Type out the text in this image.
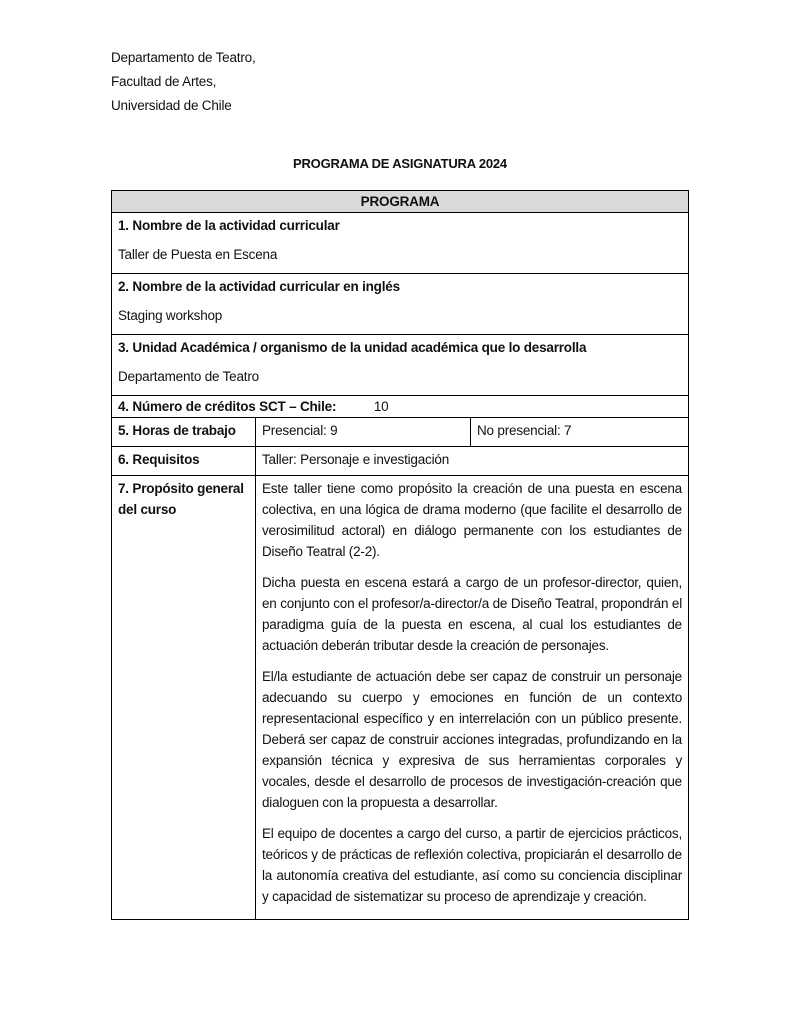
Departamento de Teatro,
Facultad de Artes,
Universidad de Chile
PROGRAMA DE ASIGNATURA 2024
PROGRAMA		
1. Nombre de la actividad curricular
Taller de Puesta en Escena		

2. Nombre de la actividad curricular en inglés
Staging workshop		

3. Unidad Académica / organismo de la unidad académica que lo desarrolla
Departamento de Teatro		

4. Número de créditos SCT – Chile: 10		
5. Horas de trabajo	Presencial: 9	No presencial: 7
6. Requisitos	Taller: Personaje e investigación	
7. Propósito general del curso	Este taller tiene como propósito la creación de una puesta en escena colectiva, en una lógica de drama moderno (que facilite el desarrollo de verosimilitud actoral) en diálogo permanente con los estudiantes de Diseño Teatral (2-2).

Dicha puesta en escena estará a cargo de un profesor-director, quien, en conjunto con el profesor/a-director/a de Diseño Teatral, propondrán el paradigma guía de la puesta en escena, al cual los estudiantes de actuación deberán tributar desde la creación de personajes.

El/la estudiante de actuación debe ser capaz de construir un personaje adecuando su cuerpo y emociones en función de un contexto representacional específico y en interrelación con un público presente. Deberá ser capaz de construir acciones integradas, profundizando en la expansión técnica y expresiva de sus herramientas corporales y vocales, desde el desarrollo de procesos de investigación-creación que dialoguen con la propuesta a desarrollar.

El equipo de docentes a cargo del curso, a partir de ejercicios prácticos, teóricos y de prácticas de reflexión colectiva, propiciarán el desarrollo de la autonomía creativa del estudiante, así como su conciencia disciplinar y capacidad de sistematizar su proceso de aprendizaje y creación.	
